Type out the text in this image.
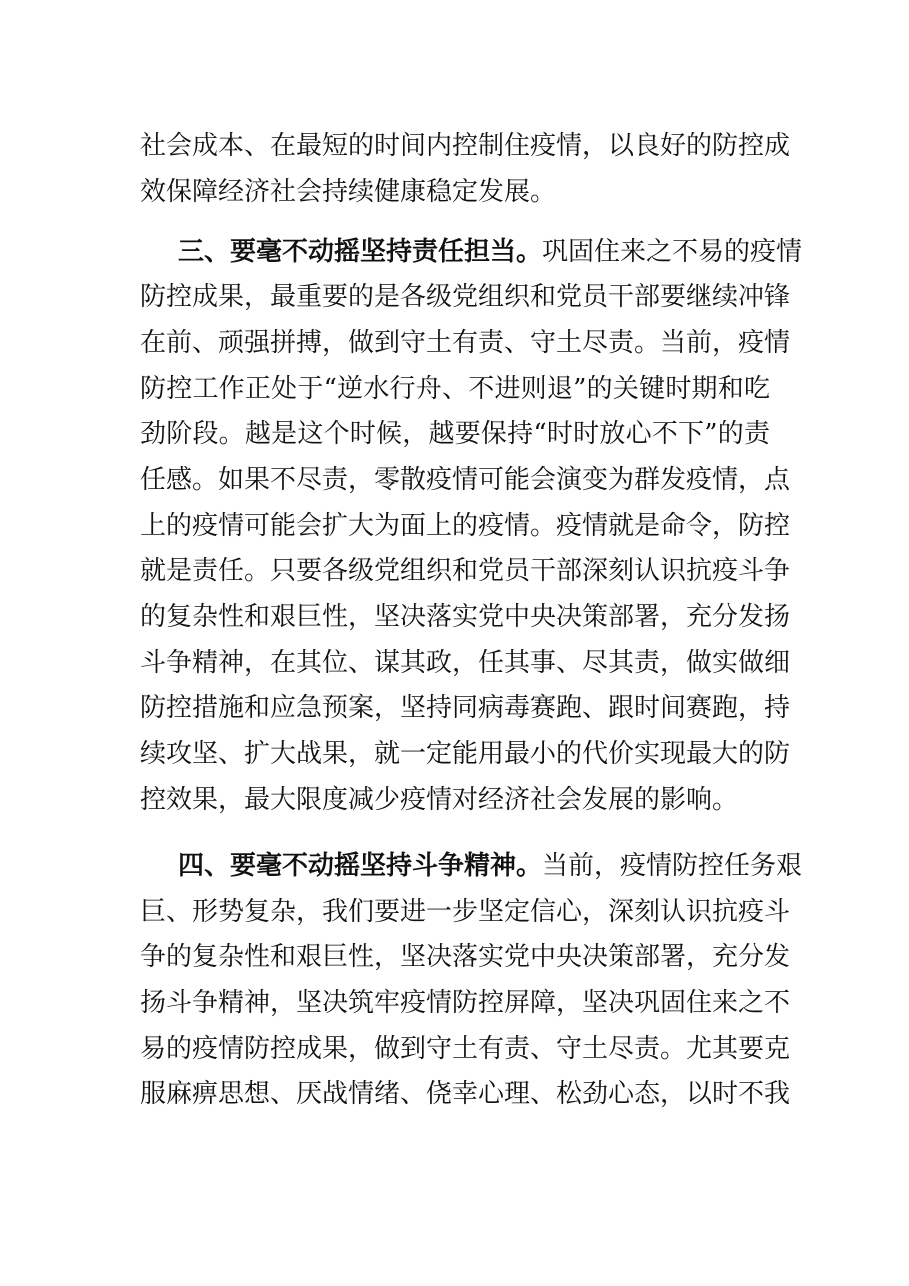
社会成本、在最短的时间内控制住疫情，以良好的防控成
效保障经济社会持续健康稳定发展。
三、要毫不动摇坚持责任担当。巩固住来之不易的疫情
防控成果，最重要的是各级党组织和党员干部要继续冲锋
在前、顽强拼搏，做到守土有责、守土尽责。当前，疫情
防控工作正处于“逆水行舟、不进则退”的关键时期和吃
劲阶段。越是这个时候，越要保持“时时放心不下”的责
任感。如果不尽责，零散疫情可能会演变为群发疫情，点
上的疫情可能会扩大为面上的疫情。疫情就是命令，防控
就是责任。只要各级党组织和党员干部深刻认识抗疫斗争
的复杂性和艰巨性，坚决落实党中央决策部署，充分发扬
斗争精神，在其位、谋其政，任其事、尽其责，做实做细
防控措施和应急预案，坚持同病毒赛跑、跟时间赛跑，持
续攻坚、扩大战果，就一定能用最小的代价实现最大的防
控效果，最大限度减少疫情对经济社会发展的影响。
四、要毫不动摇坚持斗争精神。当前，疫情防控任务艰
巨、形势复杂，我们要进一步坚定信心，深刻认识抗疫斗
争的复杂性和艰巨性，坚决落实党中央决策部署，充分发
扬斗争精神，坚决筑牢疫情防控屏障，坚决巩固住来之不
易的疫情防控成果，做到守土有责、守土尽责。尤其要克
服麻痹思想、厌战情绪、侥幸心理、松劲心态，以时不我
